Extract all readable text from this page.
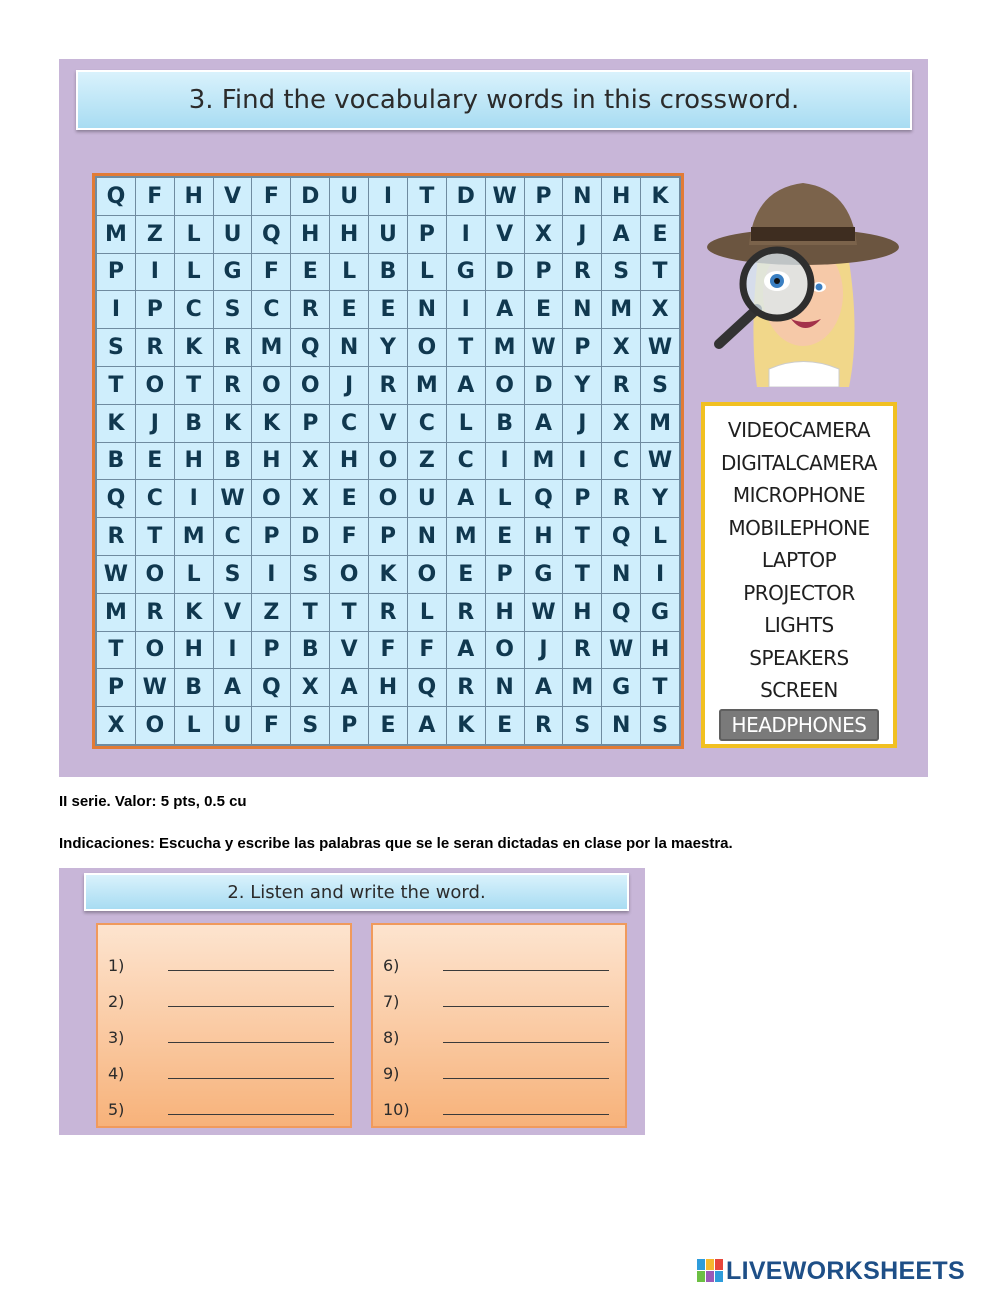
3. Find the vocabulary words in this crossword.
Q F	H V	F	D U	I	T	D W P N H K
M Z	L	U Q H H U P	I	V X	J	A	E
P	I	L	G	F	E	L	B	L	G D P	R	S	T
I	P	C	S	C	R	E	E	N	I	A	E	N M X
S	R K R M Q N Y O	T M W P	X W
T	O	T	R O O	J	R M A O D Y	R	S
K	J	B K K	P	C	V	C	L	B A	J	X M
B	E	H B H X H O Z	C	I	M	I	C W
Q C	I	W O X	E	O U A	L	Q P	R	Y
R	T M C	P D	F	P N M E	H	T	Q	L
W O	L	S	I	S O K O	E	P G	T	N	I
M R K V	Z	T	T	R	L	R H W H Q G
T	O H	I	P	B V	F	F	A O	J	R W H
P W B A Q X A H Q R N A M G	T
X O	L	U	F	S	P	E	A K	E	R	S N S
VIDEOCAMERA
DIGITALCAMERA
MICROPHONE
MOBILEPHONE
LAPTOP
PROJECTOR
LIGHTS
SPEAKERS
SCREEN
HEADPHONES
II serie. Valor: 5 pts, 0.5 cu
Indicaciones: Escucha y escribe las palabras que se le seran dictadas en clase por la maestra.
2. Listen and write the word.
1)
2)
3)
4)
5)
6)
7)
8)
9)
10)
LIVEWORKSHEETS
